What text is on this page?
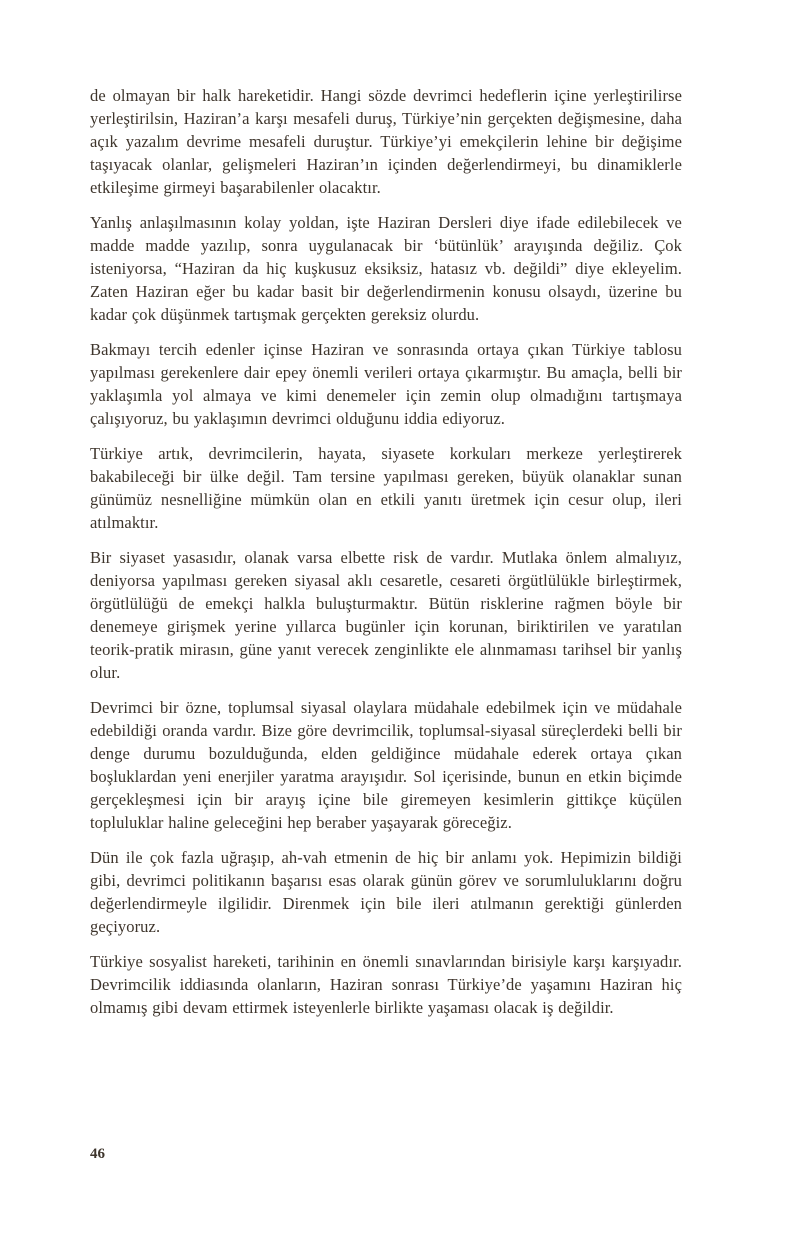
de olmayan bir halk hareketidir. Hangi sözde devrimci hedeflerin içine yerleştirilirse yerleştirilsin, Haziran’a karşı mesafeli duruş, Türkiye’nin gerçekten değişmesine, daha açık yazalım devrime mesafeli duruştur. Türkiye’yi emekçilerin lehine bir değişime taşıyacak olanlar, gelişmeleri Haziran’ın içinden değerlendirmeyi, bu dinamiklerle etkileşime girmeyi başarabilenler olacaktır.

Yanlış anlaşılmasının kolay yoldan, işte Haziran Dersleri diye ifade edilebilecek ve madde madde yazılıp, sonra uygulanacak bir ‘bütünlük’ arayışında değiliz. Çok isteniyorsa, “Haziran da hiç kuşkusuz eksiksiz, hatasız vb. değildi” diye ekleyelim. Zaten Haziran eğer bu kadar basit bir değerlendirmenin konusu olsaydı, üzerine bu kadar çok düşünmek tartışmak gerçekten gereksiz olurdu.

Bakmayı tercih edenler içinse Haziran ve sonrasında ortaya çıkan Türkiye tablosu yapılması gerekenlere dair epey önemli verileri ortaya çıkarmıştır. Bu amaçla, belli bir yaklaşımla yol almaya ve kimi denemeler için zemin olup olmadığını tartışmaya çalışıyoruz, bu yaklaşımın devrimci olduğunu iddia ediyoruz.

Türkiye artık, devrimcilerin, hayata, siyasete korkuları merkeze yerleştirerek bakabileceği bir ülke değil. Tam tersine yapılması gereken, büyük olanaklar sunan günümüz nesnelliğine mümkün olan en etkili yanıtı üretmek için cesur olup, ileri atılmaktır.

Bir siyaset yasasıdır, olanak varsa elbette risk de vardır. Mutlaka önlem almalıyız, deniyorsa yapılması gereken siyasal aklı cesaretle, cesareti örgütlülükle birleştirmek, örgütlülüğü de emekçi halkla buluşturmaktır. Bütün risklerine rağmen böyle bir denemeye girişmek yerine yıllarca bugünler için korunan, biriktirilen ve yaratılan teorik-pratik mirasın, güne yanıt verecek zenginlikte ele alınmaması tarihsel bir yanlış olur.

Devrimci bir özne, toplumsal siyasal olaylara müdahale edebilmek için ve müdahale edebildiği oranda vardır. Bize göre devrimcilik, toplumsal-siyasal süreçlerdeki belli bir denge durumu bozulduğunda, elden geldiğince müdahale ederek ortaya çıkan boşluklardan yeni enerjiler yaratma arayışıdır. Sol içerisinde, bunun en etkin biçimde gerçekleşmesi için bir arayış içine bile giremeyen kesimlerin gittikçe küçülen topluluklar haline geleceğini hep beraber yaşayarak göreceğiz.

Dün ile çok fazla uğraşıp, ah-vah etmenin de hiç bir anlamı yok. Hepimizin bildiği gibi, devrimci politikanın başarısı esas olarak günün görev ve sorumluluklarını doğru değerlendirmeyle ilgilidir. Direnmek için bile ileri atılmanın gerektiği günlerden geçiyoruz.

Türkiye sosyalist hareketi, tarihinin en önemli sınavlarından birisiyle karşı karşıyadır. Devrimcilik iddiasında olanların, Haziran sonrası Türkiye’de yaşamını Haziran hiç olmamış gibi devam ettirmek isteyenlerle birlikte yaşaması olacak iş değildir.

46
